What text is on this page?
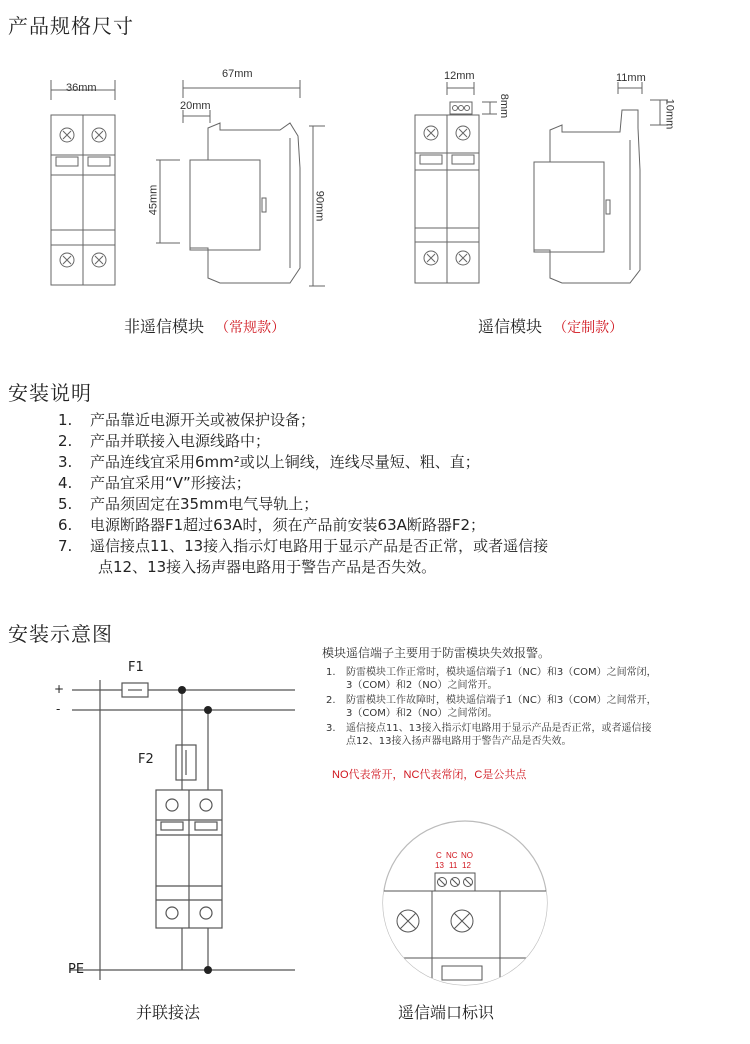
产品规格尺寸
安装说明
安装示意图
36mm
67mm
20mm
45mm	90mm
12mm
8mm
11mm
10mm
非遥信模块 （常规款）	遥信模块 （定制款）
1.	产品靠近电源开关或被保护设备；
2.	产品并联接入电源线路中；
3.	产品连线宜采用6mm²或以上铜线，连线尽量短、粗、直；
4.	产品宜采用“V”形接法；
5.	产品须固定在35mm电气导轨上；
6.	电源断路器F1超过63A时，须在产品前安装63A断路器F2；
7.	遥信接点11、13接入指示灯电路用于显示产品是否正常，或者遥信接
点12、13接入扬声器电路用于警告产品是否失效。
F1
F2
+
-
PE
并联接法
模块遥信端子主要用于防雷模块失效报警。
1. 防雷模块工作正常时，模块遥信端子1（NC）和3（COM）之间常闭，
3（COM）和2（NO）之间常开。
2. 防雷模块工作故障时，模块遥信端子1（NC）和3（COM）之间常开，
3（COM）和2（NO）之间常闭。
3. 遥信接点11、13接入指示灯电路用于显示产品是否正常，或者遥信接
点12、13接入扬声器电路用于警告产品是否失效。
NO代表常开，NC代表常闭，C是公共点
C NC NO
13 11 12
遥信端口标识
